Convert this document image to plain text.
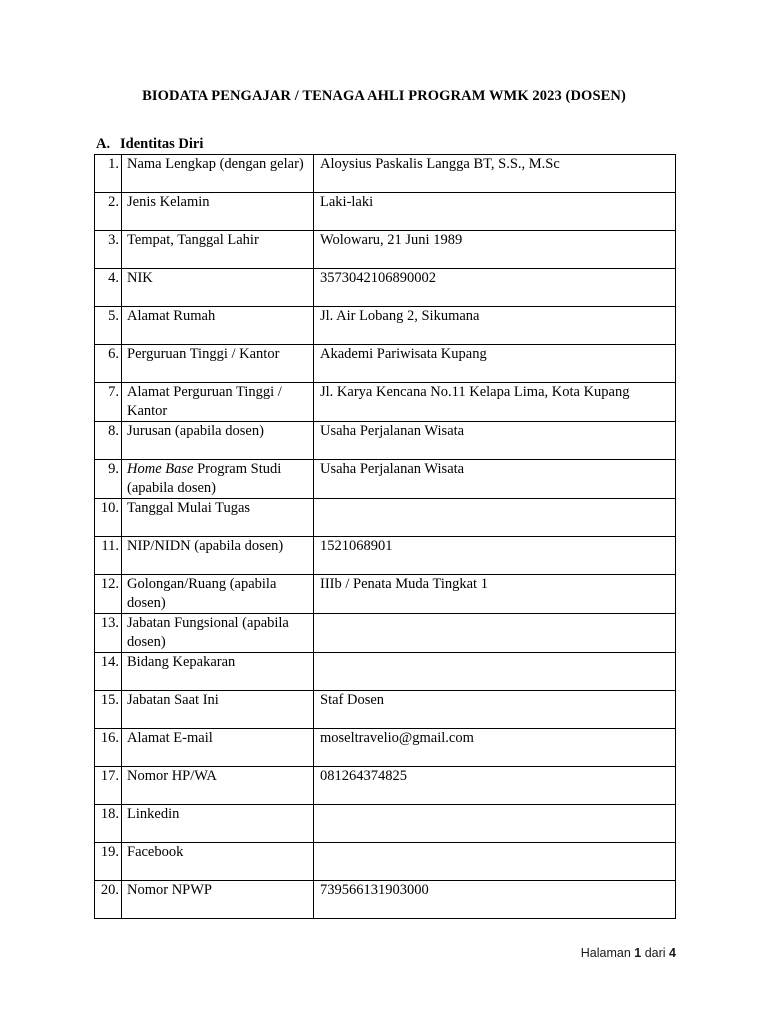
BIODATA PENGAJAR / TENAGA AHLI PROGRAM WMK 2023 (DOSEN)
A. Identitas Diri
1.	Nama Lengkap (dengan gelar)	Aloysius Paskalis Langga BT, S.S., M.Sc
2.	Jenis Kelamin	Laki-laki
3.	Tempat, Tanggal Lahir	Wolowaru, 21 Juni 1989
4.	NIK	3573042106890002
5.	Alamat Rumah	Jl. Air Lobang 2, Sikumana
6.	Perguruan Tinggi / Kantor	Akademi Pariwisata Kupang
7.	Alamat Perguruan Tinggi / Kantor	Jl. Karya Kencana No.11 Kelapa Lima, Kota Kupang
8.	Jurusan (apabila dosen)	Usaha Perjalanan Wisata
9.	Home Base Program Studi (apabila dosen)	Usaha Perjalanan Wisata
10.	Tanggal Mulai Tugas	
11.	NIP/NIDN (apabila dosen)	1521068901
12.	Golongan/Ruang (apabila dosen)	IIIb / Penata Muda Tingkat 1
13.	Jabatan Fungsional (apabila dosen)	
14.	Bidang Kepakaran	
15.	Jabatan Saat Ini	Staf Dosen
16.	Alamat E-mail	moseltravelio@gmail.com
17.	Nomor HP/WA	081264374825
18.	Linkedin	
19.	Facebook	
20.	Nomor NPWP	739566131903000
Halaman 1 dari 4
